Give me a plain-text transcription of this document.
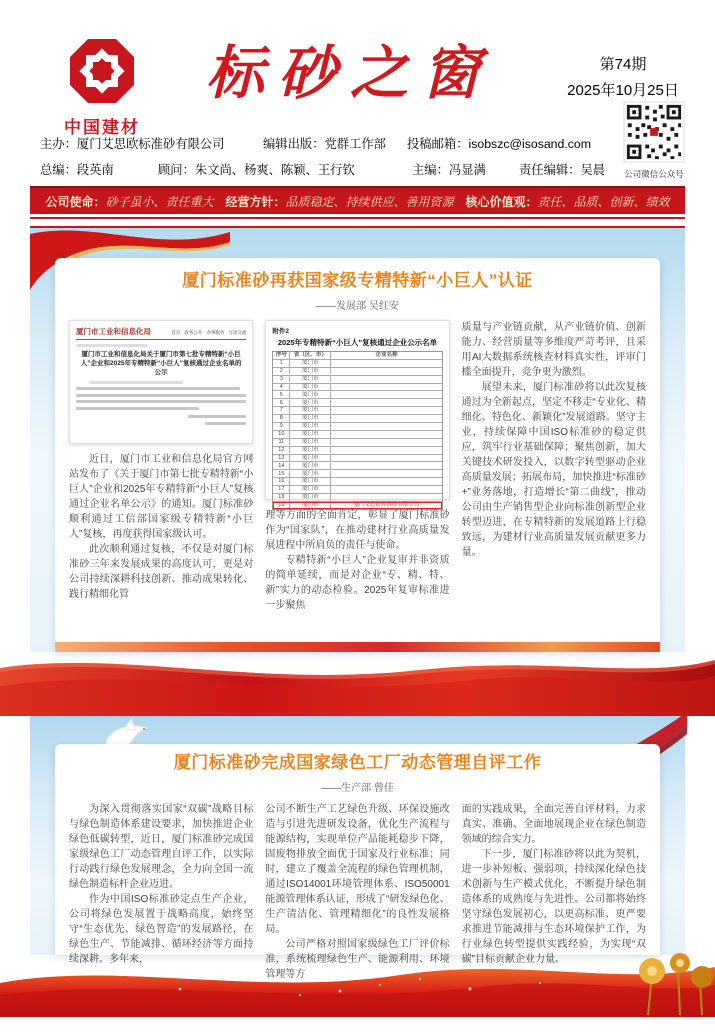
中国建材
标砂之窗	第74期
2025年10月25日
公司微信公众号
主办：厦门艾思欧标准砂有限公司	编辑出版：党群工作部 投稿邮箱：isobszc@isosand.com
总编：段英南	顾问：朱文尚、杨爽、陈颖、王行钦	主编：冯显满	责任编辑：吴晨
公司使命：砂子虽小、责任重大 经营方针：品质稳定、持续供应、善用资源 核心价值观：责任、品质、创新、绩效
厦门标准砂再获国家级专精特新“小巨人”认证
——发展部 吴红安
厦门市工业和信息化局	首页 政务公开 办事服务 互动交流
厦门市工业和信息化局关于厦门市第七批专精特新“小巨人”企业和2025年专精特新“小巨人”复核通过企业名单的公示
近日，厦门市工业和信息化局官方网站发布了《关于厦门市第七批专精特新“小巨人”企业和2025年专精特新“小巨人”复核通过企业名单公示》的通知。厦门标准砂顺利通过工信部国家级专精特新“小巨人”复核，再度获得国家级认可。
此次顺利通过复核，不仅是对厦门标准砂三年来发展成果的高度认可，更是对公司持续深耕科技创新、推动成果转化、践行精细化管
附件2
2025年专精特新“小巨人”复核通过企业公示名单
序号	省（区、市）	企业名称
1	厦门市
2	厦门市
3	厦门市
4	厦门市
5	厦门市
6	厦门市
7	厦门市
8	厦门市
9	厦门市
10	厦门市
11	厦门市
12	厦门市
13	厦门市
14	厦门市
15	厦门市
16	厦门市
17	厦门市
18	厦门市
19	厦门市	厦门艾思欧标准砂有限公司
理等方面的全面肯定，彰显了厦门标准砂作为“国家队”，在推动建材行业高质量发展进程中所肩负的责任与使命。
专精特新“小巨人”企业复审并非资质的简单延续，而是对企业“专、精、特、新”实力的动态检验。2025年复审标准进一步聚焦
质量与产业链贡献，从产业链价值、创新能力、经营质量等多维度严苛考评，且采用AI大数据系统核查材料真实性，评审门槛全面提升，竞争更为激烈。
展望未来，厦门标准砂将以此次复核通过为全新起点，坚定不移走“专业化、精细化、特色化、新颖化”发展道路。坚守主业，持续保障中国ISO标准砂的稳定供应，筑牢行业基础保障；聚焦创新，加大关键技术研发投入，以数字转型驱动企业高质量发展；拓展布局，加快推进“标准砂+”业务落地，打造增长“第二曲线”，推动公司由生产销售型企业向标准创新型企业转型迈进，在专精特新的发展道路上行稳致远，为建材行业高质量发展贡献更多力量。
厦门标准砂完成国家绿色工厂动态管理自评工作
——生产部 曾佳
为深入贯彻落实国家“双碳”战略目标与绿色制造体系建设要求，加快推进企业绿色低碳转型，近日，厦门标准砂完成国家级绿色工厂动态管理自评工作，以实际行动践行绿色发展理念，全力向全国一流绿色制造标杆企业迈进。
作为中国ISO标准砂定点生产企业，公司将绿色发展置于战略高度，始终坚守“生态优先、绿色智造”的发展路径，在绿色生产、节能减排、循环经济等方面持续深耕。多年来，
公司不断生产工艺绿色升级、环保设施改造与引进先进研发设备，优化生产流程与能源结构，实现单位产品能耗稳步下降，固废物排放全面优于国家及行业标准；同时，建立了覆盖全流程的绿色管理机制，通过ISO14001环境管理体系、ISO50001能源管理体系认证，形成了“研发绿色化、生产清洁化、管理精细化”的良性发展格局。
公司严格对照国家级绿色工厂评价标准，系统梳理绿色生产、能源利用、环境管理等方
面的实践成果，全面完善自评材料，力求真实、准确、全面地展现企业在绿色制造领域的综合实力。
下一步，厦门标准砂将以此为契机，进一步补短板、强弱项，持续深化绿色技术创新与生产模式优化，不断提升绿色制造体系的成熟度与先进性。公司都将始终坚守绿色发展初心，以更高标准、更严要求推进节能减排与生态环境保护工作，为行业绿色转型提供实践经验，为实现“双碳”目标贡献企业力量。
